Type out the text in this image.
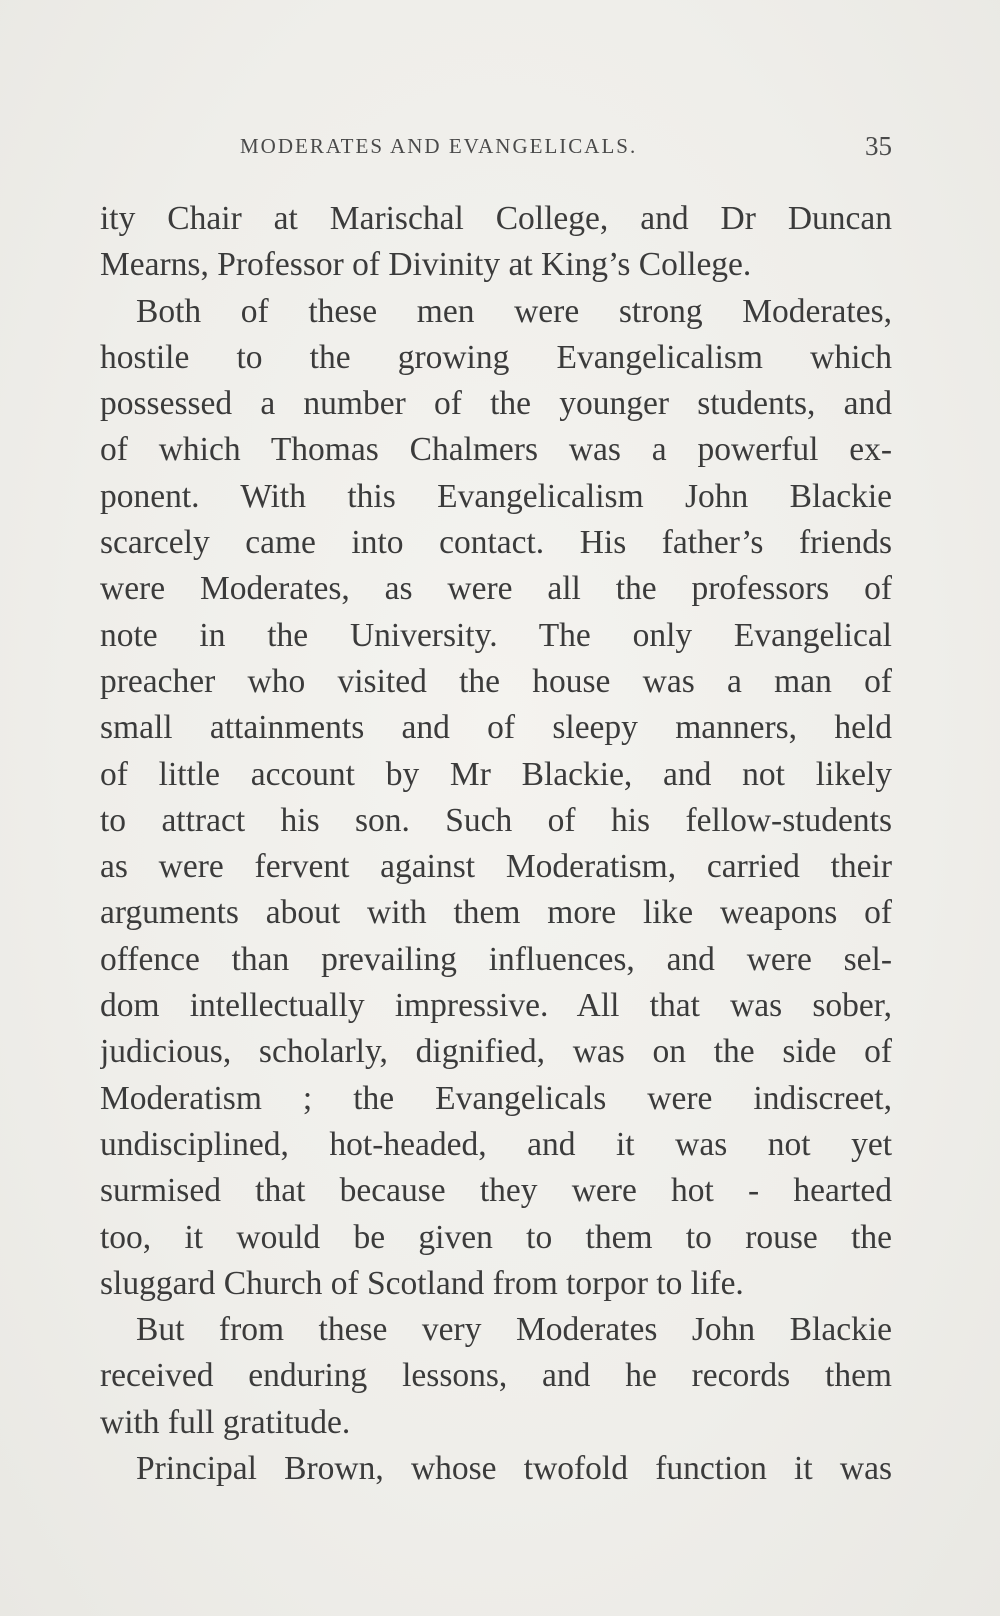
MODERATES AND EVANGELICALS.	35
ity Chair at Marischal College, and Dr Duncan
Mearns, Professor of Divinity at King’s College.
Both of these men were strong Moderates,
hostile to the growing Evangelicalism which
possessed a number of the younger students, and
of which Thomas Chalmers was a powerful ex-
ponent. With this Evangelicalism John Blackie
scarcely came into contact. His father’s friends
were Moderates, as were all the professors of
note in the University. The only Evangelical
preacher who visited the house was a man of
small attainments and of sleepy manners, held
of little account by Mr Blackie, and not likely
to attract his son. Such of his fellow-students
as were fervent against Moderatism, carried their
arguments about with them more like weapons of
offence than prevailing influences, and were sel-
dom intellectually impressive. All that was sober,
judicious, scholarly, dignified, was on the side of
Moderatism ; the Evangelicals were indiscreet,
undisciplined, hot-headed, and it was not yet
surmised that because they were hot - hearted
too, it would be given to them to rouse the
sluggard Church of Scotland from torpor to life.
But from these very Moderates John Blackie
received enduring lessons, and he records them
with full gratitude.
Principal Brown, whose twofold function it was
